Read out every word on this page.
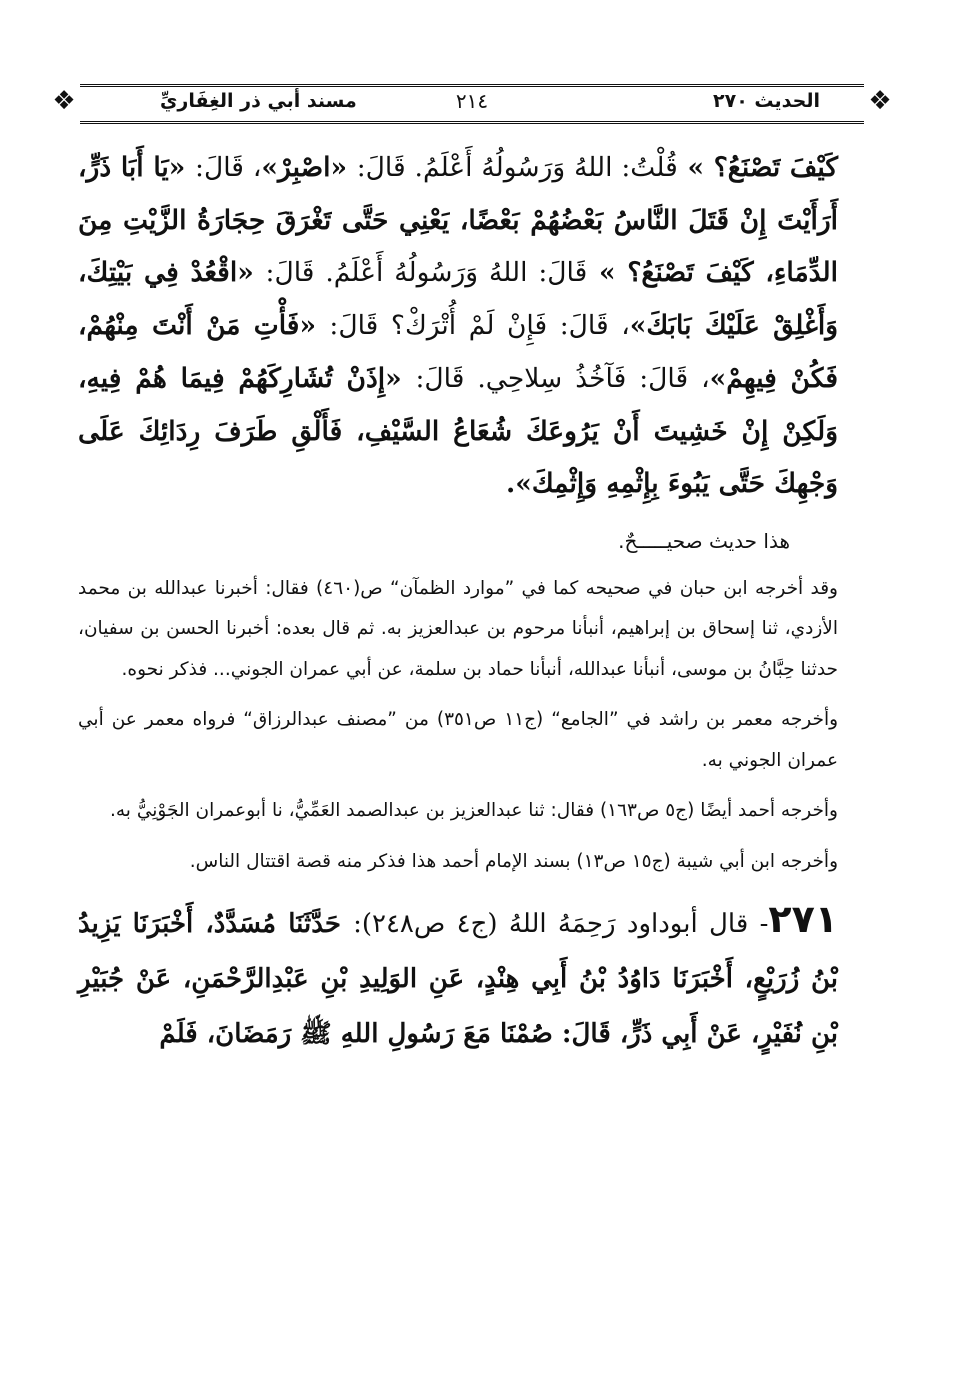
❖
❖	الحديث ٢٧٠
٢١٤
مسند أبي ذر الغِفَاريِّ

كَيْفَ تَصْنَعُ؟ » قُلْتُ: اللهُ وَرَسُولُهُ أَعْلَمُ. قَالَ: «اصْبِرْ»، قَالَ: «يَا أَبَا ذَرٍّ، أَرَأَيْتَ إِنْ قَتَلَ النَّاسُ بَعْضُهُمْ بَعْضًا، يَعْنِي حَتَّى تَغْرَقَ حِجَارَةُ الزَّيْتِ مِنَ الدِّمَاءِ، كَيْفَ تَصْنَعُ؟ » قَالَ: اللهُ وَرَسُولُهُ أَعْلَمُ. قَالَ: «اقْعُدْ فِي بَيْتِكَ، وَأَغْلِقْ عَلَيْكَ بَابَكَ»، قَالَ: فَإِنْ لَمْ أُتْرَكْ؟ قَالَ: «فَأْتِ مَنْ أَنْتَ مِنْهُمْ، فَكُنْ فِيهِمْ»، قَالَ: فَآخُذُ سِلاحِي. قَالَ: «إِذَنْ تُشَارِكَهُمْ فِيمَا هُمْ فِيهِ، وَلَكِنْ إِنْ خَشِيتَ أَنْ يَرُوعَكَ شُعَاعُ السَّيْفِ، فَأَلْقِ طَرَفَ رِدَائِكَ عَلَى وَجْهِكَ حَتَّى يَبُوءَ بِإِثْمِهِ وَإِثْمِكَ».

هذا حديث صحيـــــحٌ.

وقد أخرجه ابن حبان في صحيحه كما في ”موارد الظمآن“ ص(٤٦٠) فقال: أخبرنا عبدالله بن محمد الأزدي، ثنا إسحاق بن إبراهيم، أنبأنا مرحوم بن عبدالعزيز به. ثم قال بعده: أخبرنا الحسن بن سفيان، حدثنا حِبَّانُ بن موسى، أنبأنا عبدالله، أنبأنا حماد بن سلمة، عن أبي عمران الجوني... فذكر نحوه.

وأخرجه معمر بن راشد في ”الجامع“ (ج١١ ص٣٥١) من ”مصنف عبدالرزاق“ فرواه معمر عن أبي عمران الجوني به.

وأخرجه أحمد أيضًا (ج٥ ص١٦٣) فقال: ثنا عبدالعزيز بن عبدالصمد العَمِّيُّ، نا أبوعمران الجَوْنِيُّ به.

وأخرجه ابن أبي شيبة (ج١٥ ص١٣) بسند الإمام أحمد هذا فذكر منه قصة اقتتال الناس.

٢٧١- قال أبوداود رَحِمَهُ اللهُ (ج٤ ص٢٤٨): حَدَّثَنَا مُسَدَّدٌ، أَخْبَرَنَا يَزِيدُ بْنُ زُرَيْعٍ، أَخْبَرَنَا دَاوُدُ بْنُ أَبِي هِنْدٍ، عَنِ الوَلِيدِ بْنِ عَبْدِالرَّحْمَنِ، عَنْ جُبَيْرِ بْنِ نُفَيْرٍ، عَنْ أَبِي ذَرٍّ، قَالَ: صُمْنَا مَعَ رَسُولِ اللهِ ﷺ رَمَضَانَ، فَلَمْ
